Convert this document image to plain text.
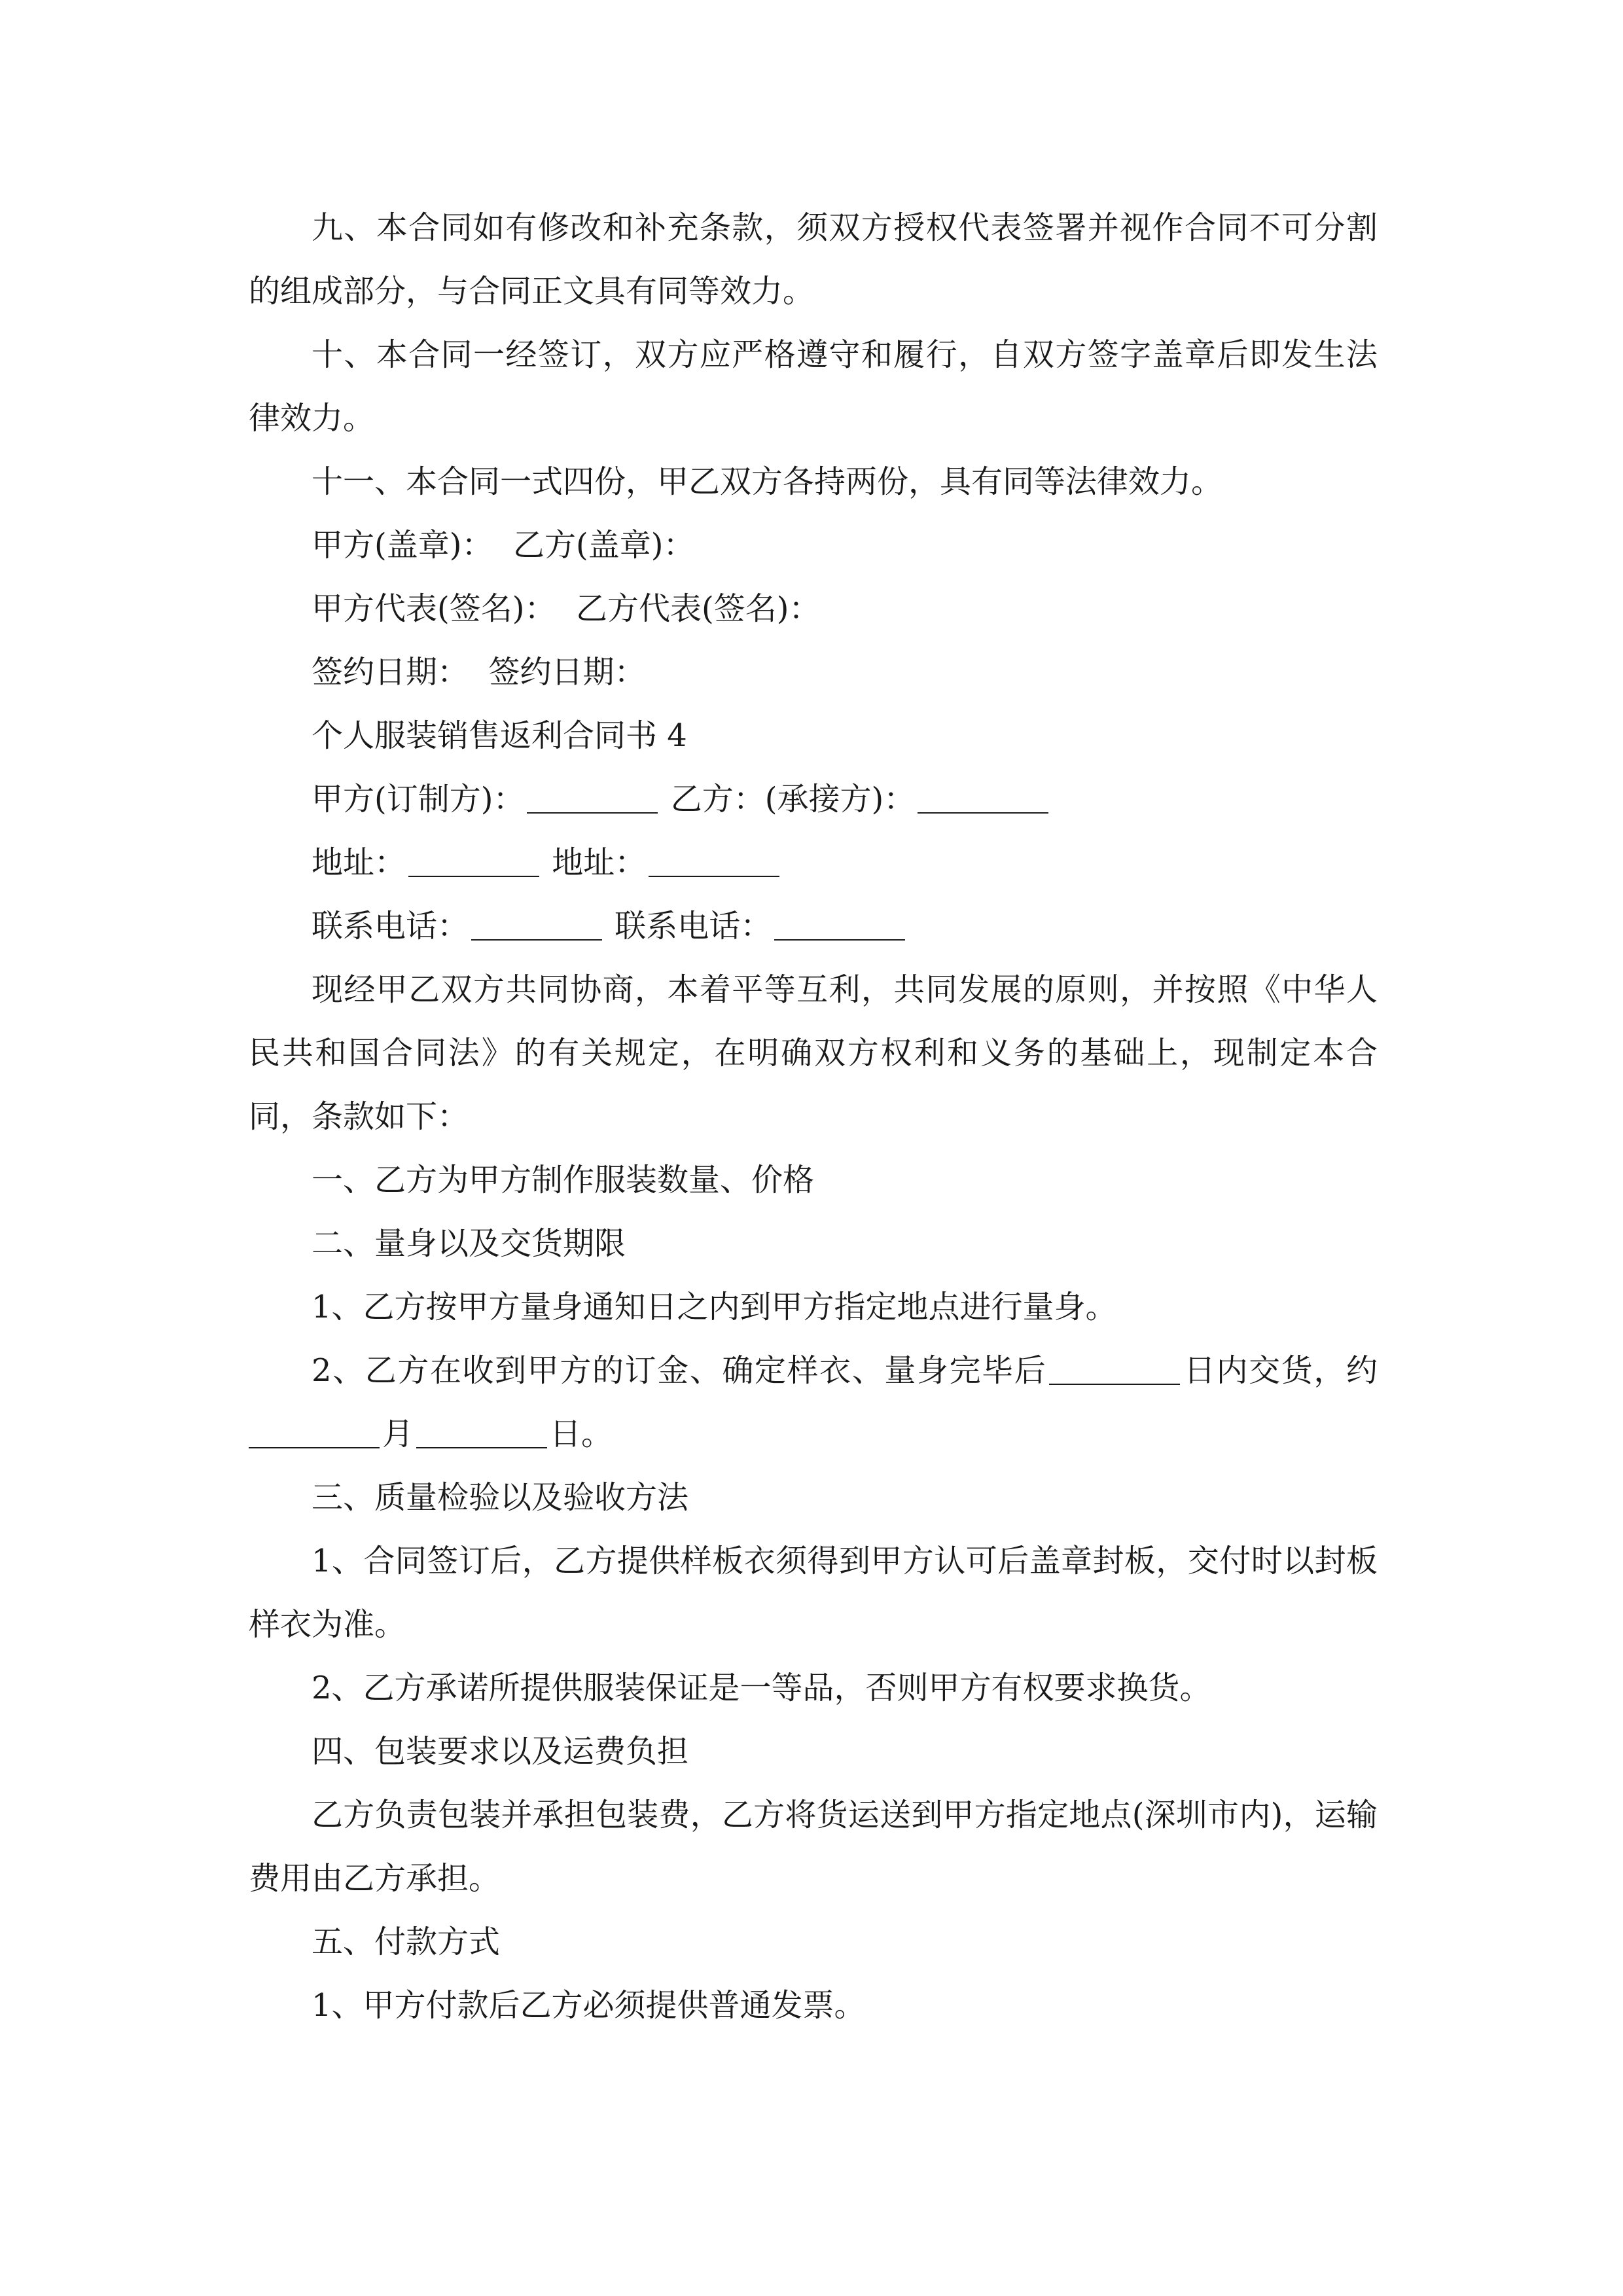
九、本合同如有修改和补充条款，须双方授权代表签署并视作合同不可分割的组成部分，与合同正文具有同等效力。

十、本合同一经签订，双方应严格遵守和履行，自双方签字盖章后即发生法律效力。

十一、本合同一式四份，甲乙双方各持两份，具有同等法律效力。

甲方(盖章)：  乙方(盖章)：

甲方代表(签名)：  乙方代表(签名)：

签约日期：  签约日期：

个人服装销售返利合同书 4

甲方(订制方)：	乙方：(承接方)：

地址：	地址：

联系电话：	联系电话：

现经甲乙双方共同协商，本着平等互利，共同发展的原则，并按照《中华人民共和国合同法》的有关规定，在明确双方权利和义务的基础上，现制定本合同，条款如下：

一、乙方为甲方制作服装数量、价格

二、量身以及交货期限

1、乙方按甲方量身通知日之内到甲方指定地点进行量身。

2、乙方在收到甲方的订金、确定样衣、量身完毕后	日内交货，约月	日。

三、质量检验以及验收方法

1、合同签订后，乙方提供样板衣须得到甲方认可后盖章封板，交付时以封板样衣为准。

2、乙方承诺所提供服装保证是一等品，否则甲方有权要求换货。

四、包装要求以及运费负担

乙方负责包装并承担包装费，乙方将货运送到甲方指定地点(深圳市内)，运输费用由乙方承担。

五、付款方式

1、甲方付款后乙方必须提供普通发票。
